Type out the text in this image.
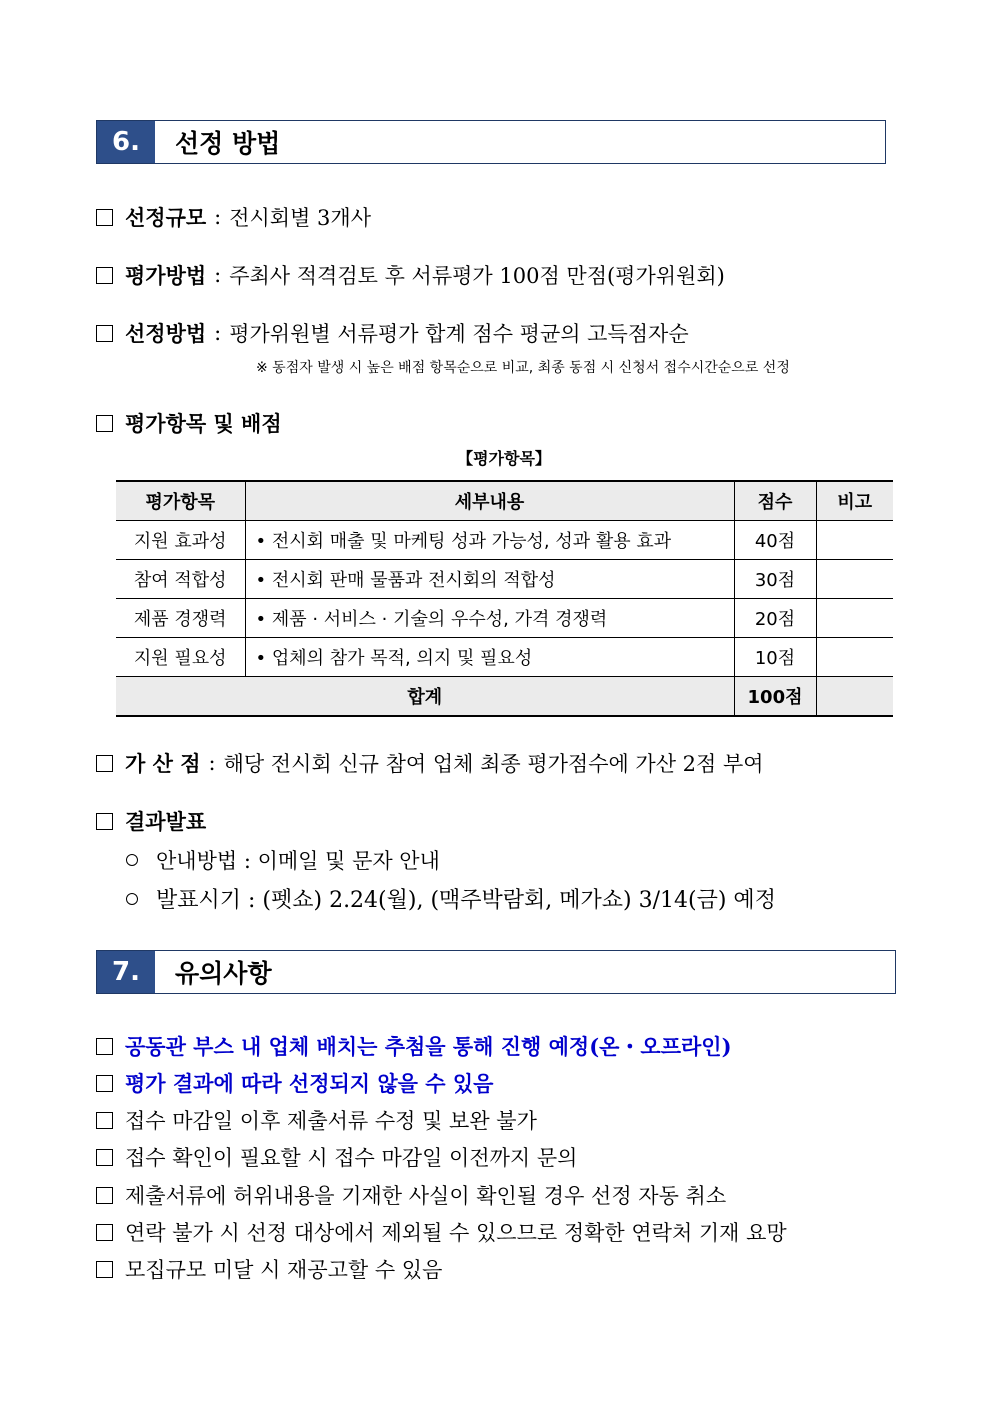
6.	선정 방법
선정규모 : 전시회별 3개사
평가방법 : 주최사 적격검토 후 서류평가 100점 만점(평가위원회)
선정방법 : 평가위원별 서류평가 합계 점수 평균의 고득점자순
※ 동점자 발생 시 높은 배점 항목순으로 비교, 최종 동점 시 신청서 접수시간순으로 선정
평가항목 및 배점
【평가항목】
평가항목	세부내용	점수	비고
지원 효과성	• 전시회 매출 및 마케팅 성과 가능성, 성과 활용 효과	40점	
참여 적합성	• 전시회 판매 물품과 전시회의 적합성	30점	
제품 경쟁력	• 제품 · 서비스 · 기술의 우수성, 가격 경쟁력	20점	
지원 필요성	• 업체의 참가 목적, 의지 및 필요성	10점	
합계		100점	
가 산 점 : 해당 전시회 신규 참여 업체 최종 평가점수에 가산 2점 부여
결과발표
안내방법 : 이메일 및 문자 안내
발표시기 : (펫쇼) 2.24(월), (맥주박람회, 메가쇼) 3/14(금) 예정
7.	유의사항
공동관 부스 내 업체 배치는 추첨을 통해 진행 예정(온・오프라인)
평가 결과에 따라 선정되지 않을 수 있음
접수 마감일 이후 제출서류 수정 및 보완 불가
접수 확인이 필요할 시 접수 마감일 이전까지 문의
제출서류에 허위내용을 기재한 사실이 확인될 경우 선정 자동 취소
연락 불가 시 선정 대상에서 제외될 수 있으므로 정확한 연락처 기재 요망
모집규모 미달 시 재공고할 수 있음
